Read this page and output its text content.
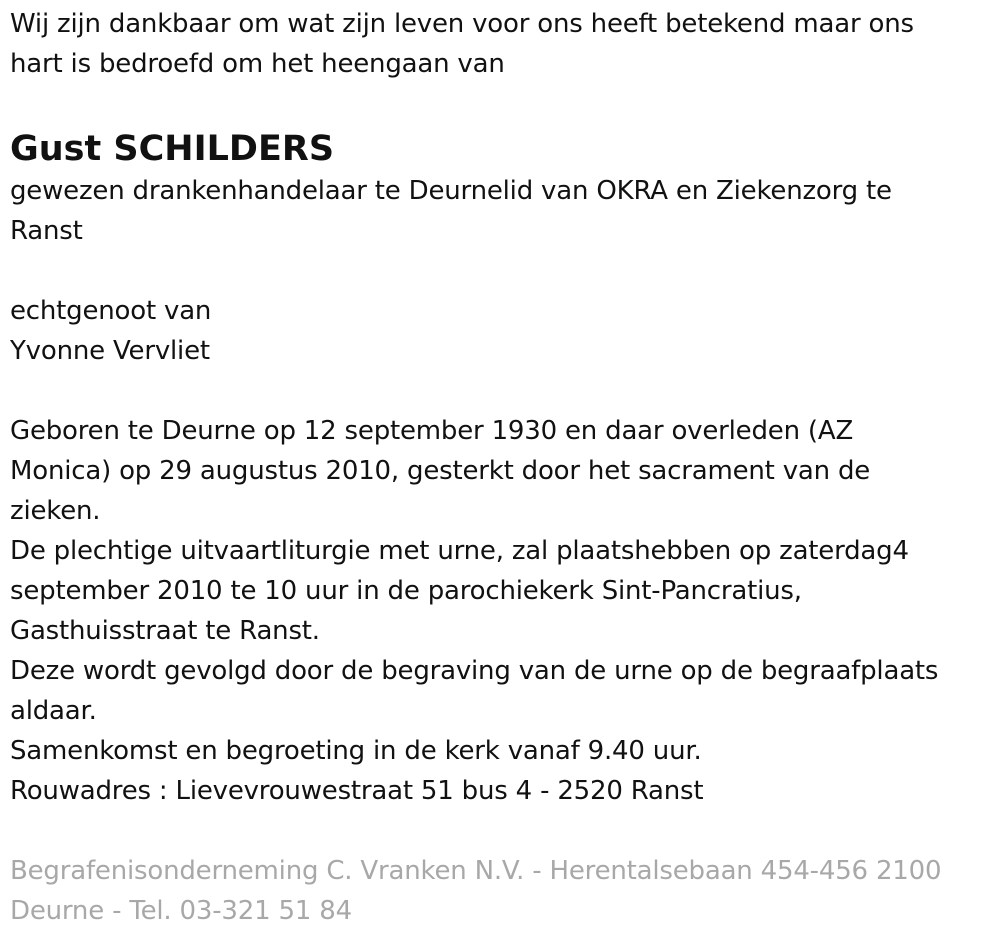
Wij zijn dankbaar om wat zijn leven voor ons heeft betekend maar ons
hart is bedroefd om het heengaan van
Gust SCHILDERS
gewezen drankenhandelaar te Deurnelid van OKRA en Ziekenzorg te
Ranst
echtgenoot van
Yvonne Vervliet
Geboren te Deurne op 12 september 1930 en daar overleden (AZ
Monica) op 29 augustus 2010, gesterkt door het sacrament van de
zieken.
De plechtige uitvaartliturgie met urne, zal plaatshebben op zaterdag4
september 2010 te 10 uur in de parochiekerk Sint-Pancratius,
Gasthuisstraat te Ranst.
Deze wordt gevolgd door de begraving van de urne op de begraafplaats
aldaar.
Samenkomst en begroeting in de kerk vanaf 9.40 uur.
Rouwadres : Lievevrouwestraat 51 bus 4 - 2520 Ranst
Begrafenisonderneming C. Vranken N.V. - Herentalsebaan 454-456 2100
Deurne - Tel. 03-321 51 84
